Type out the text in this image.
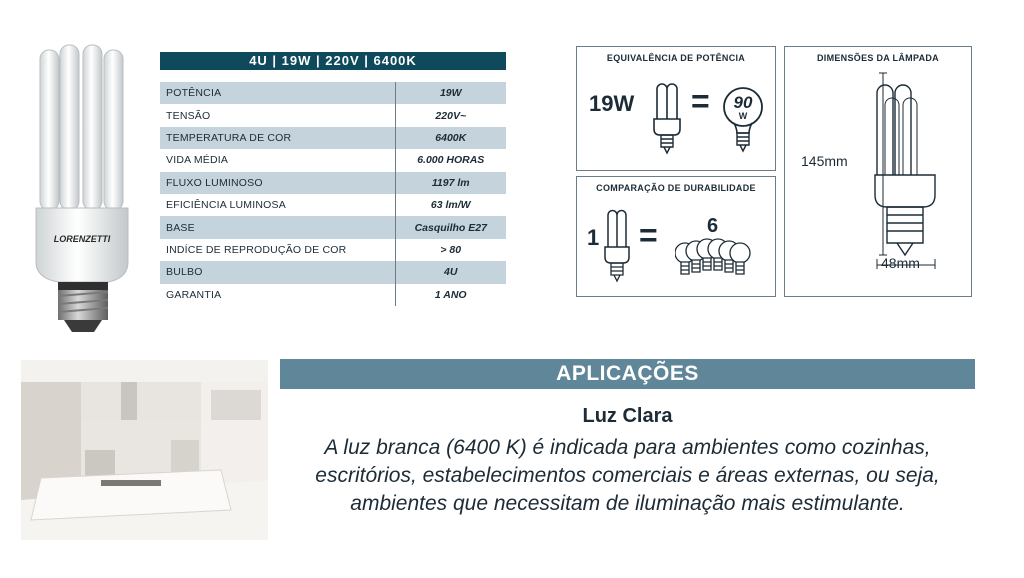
LORENZETTI
4U | 19W | 220V | 6400K
POTÊNCIA	19W
TENSÃO	220V~
TEMPERATURA DE COR	6400K
VIDA MÉDIA	6.000 HORAS
FLUXO LUMINOSO	1197 lm
EFICIÊNCIA LUMINOSA	63 lm/W
BASE	Casquilho E27
INDÍCE DE REPRODUÇÃO DE COR	> 80
BULBO	4U
GARANTIA	1 ANO
EQUIVALÊNCIA DE POTÊNCIA
19W =	90
W
COMPARAÇÃO DE DURABILIDADE
1 = 6
DIMENSÕES DA LÂMPADA
145mm
48mm
APLICAÇÕES
Luz Clara
A luz branca (6400 K) é indicada para ambientes como cozinhas,
escritórios, estabelecimentos comerciais e áreas externas, ou seja,
ambientes que necessitam de iluminação mais estimulante.
